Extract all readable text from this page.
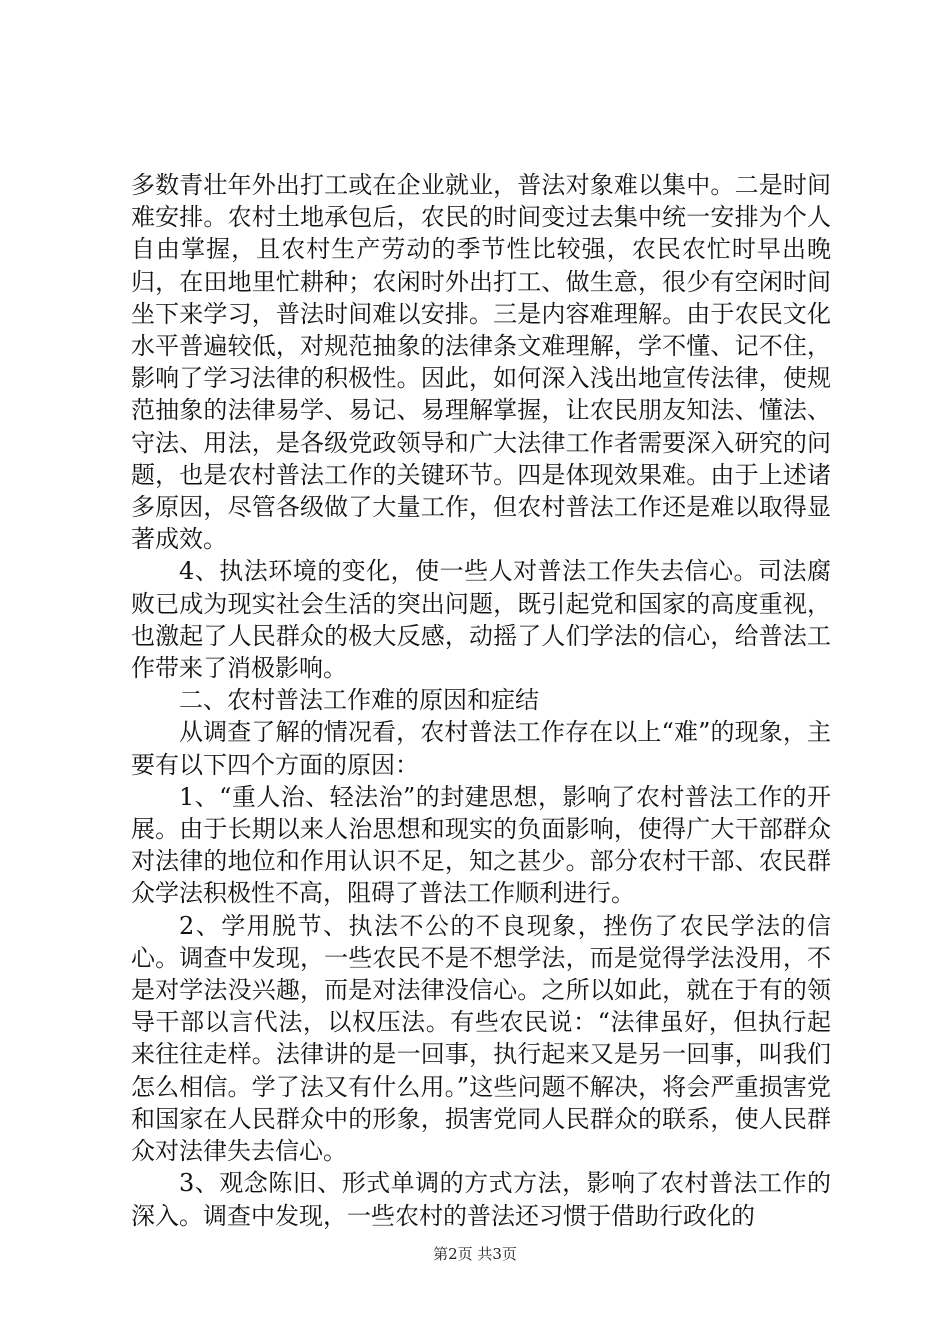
多数青壮年外出打工或在企业就业，普法对象难以集中。二是时间难安排。农村土地承包后，农民的时间变过去集中统一安排为个人自由掌握，且农村生产劳动的季节性比较强，农民农忙时早出晚归，在田地里忙耕种；农闲时外出打工、做生意，很少有空闲时间坐下来学习，普法时间难以安排。三是内容难理解。由于农民文化水平普遍较低，对规范抽象的法律条文难理解，学不懂、记不住，影响了学习法律的积极性。因此，如何深入浅出地宣传法律，使规范抽象的法律易学、易记、易理解掌握，让农民朋友知法、懂法、守法、用法，是各级党政领导和广大法律工作者需要深入研究的问题，也是农村普法工作的关键环节。四是体现效果难。由于上述诸多原因，尽管各级做了大量工作，但农村普法工作还是难以取得显著成效。

4、执法环境的变化，使一些人对普法工作失去信心。司法腐败已成为现实社会生活的突出问题，既引起党和国家的高度重视，也激起了人民群众的极大反感，动摇了人们学法的信心，给普法工作带来了消极影响。

二、农村普法工作难的原因和症结

从调查了解的情况看，农村普法工作存在以上“难”的现象，主要有以下四个方面的原因：

1、“重人治、轻法治”的封建思想，影响了农村普法工作的开展。由于长期以来人治思想和现实的负面影响，使得广大干部群众对法律的地位和作用认识不足，知之甚少。部分农村干部、农民群众学法积极性不高，阻碍了普法工作顺利进行。

2、学用脱节、执法不公的不良现象，挫伤了农民学法的信心。调查中发现，一些农民不是不想学法，而是觉得学法没用，不是对学法没兴趣，而是对法律没信心。之所以如此，就在于有的领导干部以言代法，以权压法。有些农民说：“法律虽好，但执行起来往往走样。法律讲的是一回事，执行起来又是另一回事，叫我们怎么相信。学了法又有什么用。”这些问题不解决，将会严重损害党和国家在人民群众中的形象，损害党同人民群众的联系，使人民群众对法律失去信心。

3、观念陈旧、形式单调的方式方法，影响了农村普法工作的深入。调查中发现，一些农村的普法还习惯于借助行政化的

第2页 共3页
